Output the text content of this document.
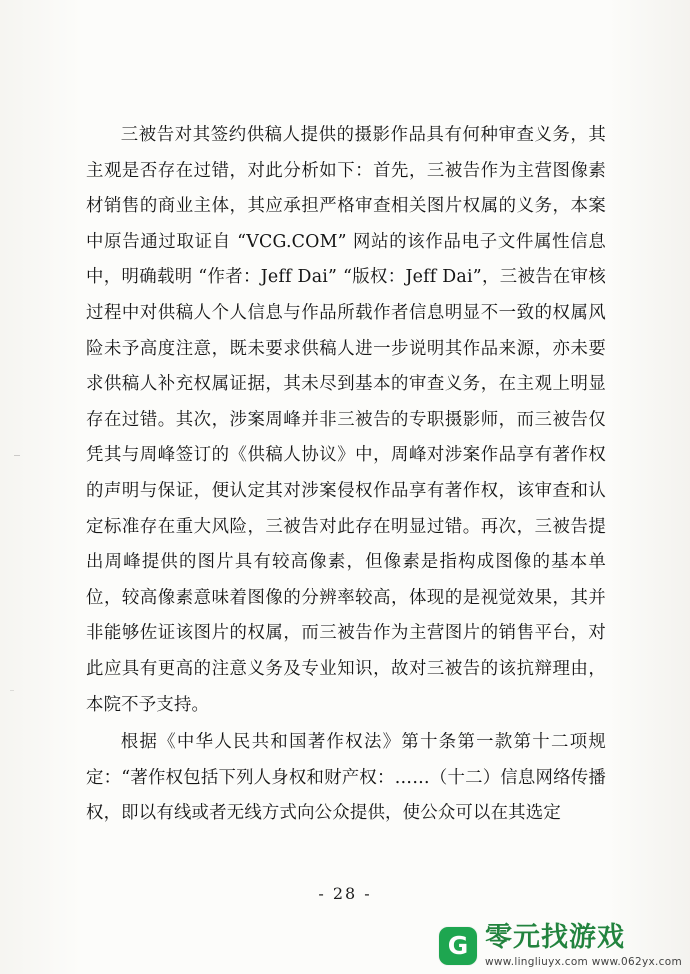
三被告对其签约供稿人提供的摄影作品具有何种审查义务，其主观是否存在过错，对此分析如下：首先，三被告作为主营图像素材销售的商业主体，其应承担严格审查相关图片权属的义务，本案中原告通过取证自 “VCG.COM” 网站的该作品电子文件属性信息中，明确载明 “作者：Jeff Dai” “版权：Jeff Dai”，三被告在审核过程中对供稿人个人信息与作品所载作者信息明显不一致的权属风险未予高度注意，既未要求供稿人进一步说明其作品来源，亦未要求供稿人补充权属证据，其未尽到基本的审查义务，在主观上明显存在过错。其次，涉案周峰并非三被告的专职摄影师，而三被告仅凭其与周峰签订的《供稿人协议》中，周峰对涉案作品享有著作权的声明与保证，便认定其对涉案侵权作品享有著作权，该审查和认定标准存在重大风险，三被告对此存在明显过错。再次，三被告提出周峰提供的图片具有较高像素，但像素是指构成图像的基本单位，较高像素意味着图像的分辨率较高，体现的是视觉效果，其并非能够佐证该图片的权属，而三被告作为主营图片的销售平台，对此应具有更高的注意义务及专业知识，故对三被告的该抗辩理由，本院不予支持。

根据《中华人民共和国著作权法》第十条第一款第十二项规定：“著作权包括下列人身权和财产权：……（十二）信息网络传播权，即以有线或者无线方式向公众提供，使公众可以在其选定

- 28 -
G
零元找游戏
www.lingliuyx.com www.062yx.com
